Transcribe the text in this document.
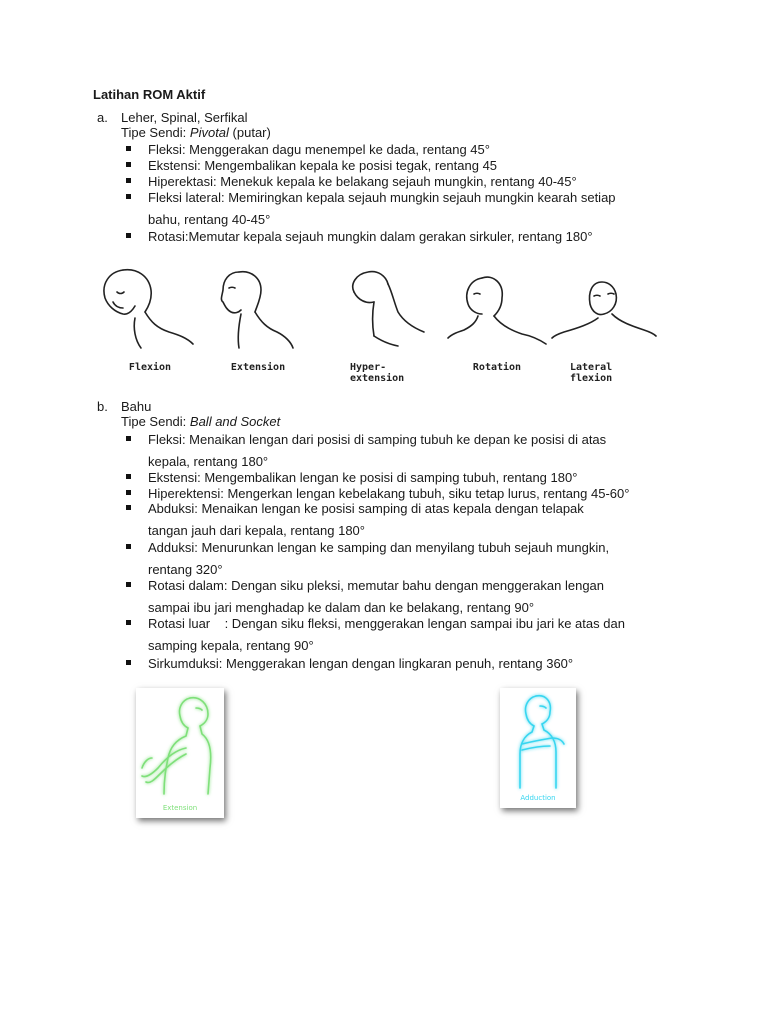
Latihan ROM Aktif
a. Leher, Spinal, Serfikal
Tipe Sendi: Pivotal (putar)
Fleksi: Menggerakan dagu menempel ke dada, rentang 45°
Ekstensi: Mengembalikan kepala ke posisi tegak, rentang 45
Hiperektasi: Menekuk kepala ke belakang sejauh mungkin, rentang 40-45°
Fleksi lateral: Memiringkan kepala sejauh mungkin sejauh mungkin kearah setiap
bahu, rentang 40-45°
Rotasi:Memutar kepala sejauh mungkin dalam gerakan sirkuler, rentang 180°
Flexion	Extension	Hyper-
extension
Rotation	Lateral
flexion
b. Bahu
Tipe Sendi: Ball and Socket
Fleksi: Menaikan lengan dari posisi di samping tubuh ke depan ke posisi di atas
kepala, rentang 180°
Ekstensi: Mengembalikan lengan ke posisi di samping tubuh, rentang 180°
Hiperektensi: Mengerkan lengan kebelakang tubuh, siku tetap lurus, rentang 45-60°
Abduksi: Menaikan lengan ke posisi samping di atas kepala dengan telapak
tangan jauh dari kepala, rentang 180°
Adduksi: Menurunkan lengan ke samping dan menyilang tubuh sejauh mungkin,
rentang 320°
Rotasi dalam: Dengan siku pleksi, memutar bahu dengan menggerakan lengan
sampai ibu jari menghadap ke dalam dan ke belakang, rentang 90°
Rotasi luar    : Dengan siku fleksi, menggerakan lengan sampai ibu jari ke atas dan
samping kepala, rentang 90°
Sirkumduksi: Menggerakan lengan dengan lingkaran penuh, rentang 360°
Extension
Adduction
